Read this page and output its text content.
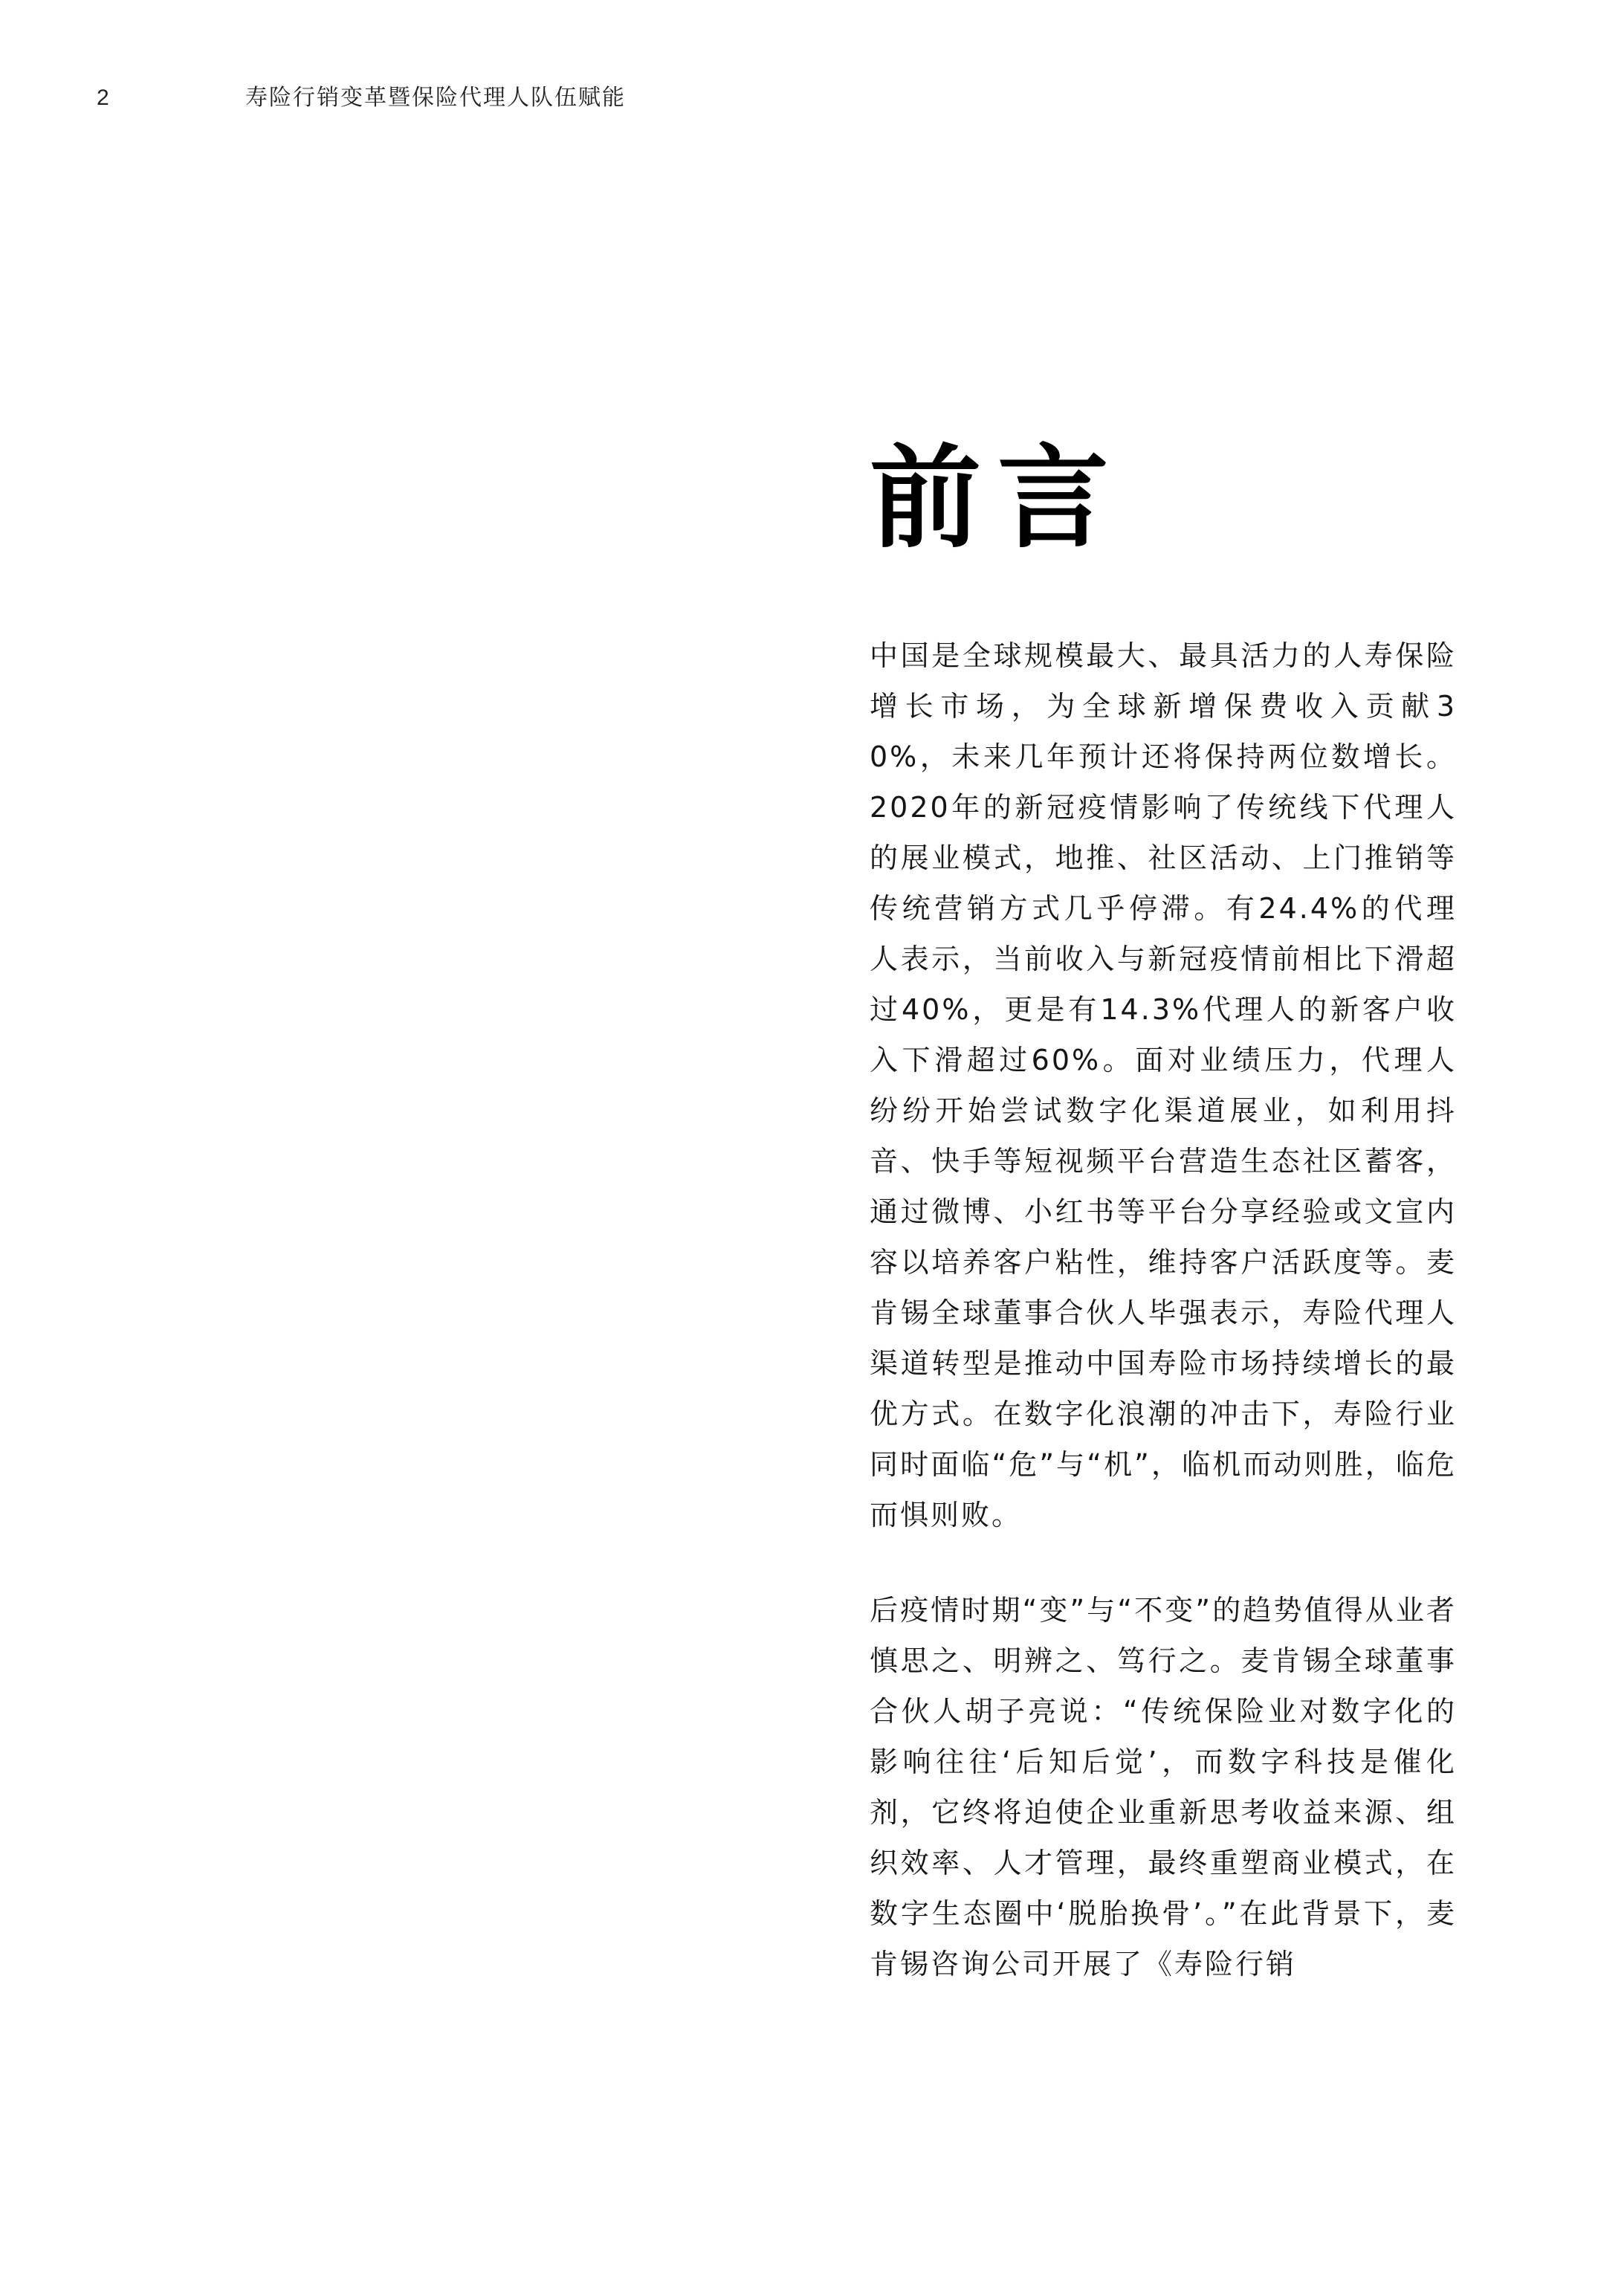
2	寿险行销变革暨保险代理人队伍赋能
前言

中国是全球规模最大、最具活力的人寿保险增长市场，为全球新增保费收入贡献30%，未来几年预计还将保持两位数增长。2020年的新冠疫情影响了传统线下代理人的展业模式，地推、社区活动、上门推销等传统营销方式几乎停滞。有24.4%的代理人表示，当前收入与新冠疫情前相比下滑超过40%，更是有14.3%代理人的新客户收入下滑超过60%。面对业绩压力，代理人纷纷开始尝试数字化渠道展业，如利用抖音、快手等短视频平台营造生态社区蓄客，通过微博、小红书等平台分享经验或文宣内容以培养客户粘性，维持客户活跃度等。麦肯锡全球董事合伙人毕强表示，寿险代理人渠道转型是推动中国寿险市场持续增长的最优方式。在数字化浪潮的冲击下，寿险行业同时面临“危”与“机”，临机而动则胜，临危而惧则败。

后疫情时期“变”与“不变”的趋势值得从业者慎思之、明辨之、笃行之。麦肯锡全球董事合伙人胡子亮说：“传统保险业对数字化的影响往往‘后知后觉’，而数字科技是催化剂，它终将迫使企业重新思考收益来源、组织效率、人才管理，最终重塑商业模式，在数字生态圈中‘脱胎换骨’。”在此背景下，麦肯锡咨询公司开展了《寿险行销
